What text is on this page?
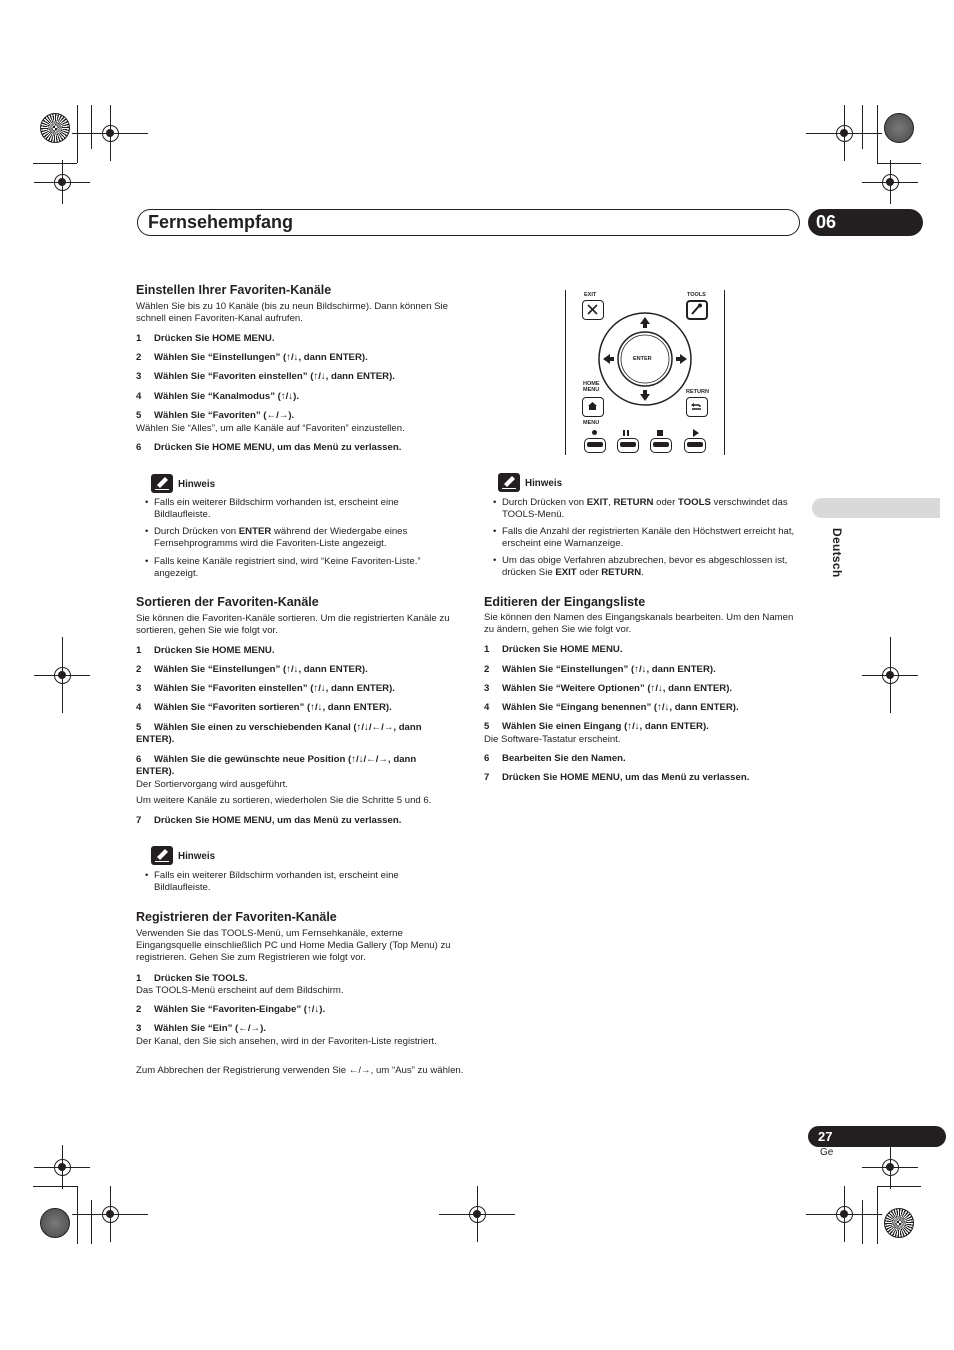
Fernsehempfang	06
Deutsch
Einstellen Ihrer Favoriten-Kanäle
Wählen Sie bis zu 10 Kanäle (bis zu neun Bildschirme). Dann können Sie schnell einen Favoriten-Kanal aufrufen.
1 Drücken Sie HOME MENU.
2 Wählen Sie “Einstellungen” (↑/↓, dann ENTER).
3 Wählen Sie “Favoriten einstellen” (↑/↓, dann ENTER).
4 Wählen Sie “Kanalmodus” (↑/↓).
5 Wählen Sie “Favoriten” (←/→).
Wählen Sie “Alles”, um alle Kanäle auf “Favoriten” einzustellen.
6 Drücken Sie HOME MENU, um das Menü zu verlassen.
Hinweis
• Falls ein weiterer Bildschirm vorhanden ist, erscheint eine Bildlaufleiste.
• Durch Drücken von ENTER während der Wiedergabe eines Fernsehprogramms wird die Favoriten-Liste angezeigt.
• Falls keine Kanäle registriert sind, wird “Keine Favoriten-Liste.” angezeigt.
Sortieren der Favoriten-Kanäle
Sie können die Favoriten-Kanäle sortieren. Um die registrierten Kanäle zu sortieren, gehen Sie wie folgt vor.
1 Drücken Sie HOME MENU.
2 Wählen Sie “Einstellungen” (↑/↓, dann ENTER).
3 Wählen Sie “Favoriten einstellen” (↑/↓, dann ENTER).
4 Wählen Sie “Favoriten sortieren” (↑/↓, dann ENTER).
5 Wählen Sie einen zu verschiebenden Kanal (↑/↓/←/→, dann
ENTER).
6 Wählen Sie die gewünschte neue Position (↑/↓/←/→, dann
ENTER).
Der Sortiervorgang wird ausgeführt.
Um weitere Kanäle zu sortieren, wiederholen Sie die Schritte 5 und 6.
7 Drücken Sie HOME MENU, um das Menü zu verlassen.
Hinweis
• Falls ein weiterer Bildschirm vorhanden ist, erscheint eine Bildlaufleiste.
Registrieren der Favoriten-Kanäle
Verwenden Sie das TOOLS-Menü, um Fernsehkanäle, externe Eingangsquelle einschließlich PC und Home Media Gallery (Top Menu) zu registrieren. Gehen Sie zum Registrieren wie folgt vor.
1 Drücken Sie TOOLS.
Das TOOLS-Menü erscheint auf dem Bildschirm.
2 Wählen Sie “Favoriten-Eingabe” (↑/↓).
3 Wählen Sie “Ein” (←/→).
Der Kanal, den Sie sich ansehen, wird in der Favoriten-Liste registriert.
Zum Abbrechen der Registrierung verwenden Sie ←/→, um “Aus” zu wählen.
EXIT	TOOLS
ENTER
HOME MENU	RETURN
MENU
Hinweis
• Durch Drücken von EXIT, RETURN oder TOOLS verschwindet das TOOLS-Menü.
• Falls die Anzahl der registrierten Kanäle den Höchstwert erreicht hat, erscheint eine Warnanzeige.
• Um das obige Verfahren abzubrechen, bevor es abgeschlossen ist, drücken Sie EXIT oder RETURN.
Editieren der Eingangsliste
Sie können den Namen des Eingangskanals bearbeiten. Um den Namen zu ändern, gehen Sie wie folgt vor.
1 Drücken Sie HOME MENU.
2 Wählen Sie “Einstellungen” (↑/↓, dann ENTER).
3 Wählen Sie “Weitere Optionen” (↑/↓, dann ENTER).
4 Wählen Sie “Eingang benennen” (↑/↓, dann ENTER).
5 Wählen Sie einen Eingang (↑/↓, dann ENTER).
Die Software-Tastatur erscheint.
6 Bearbeiten Sie den Namen.
7 Drücken Sie HOME MENU, um das Menü zu verlassen.
27
Ge
